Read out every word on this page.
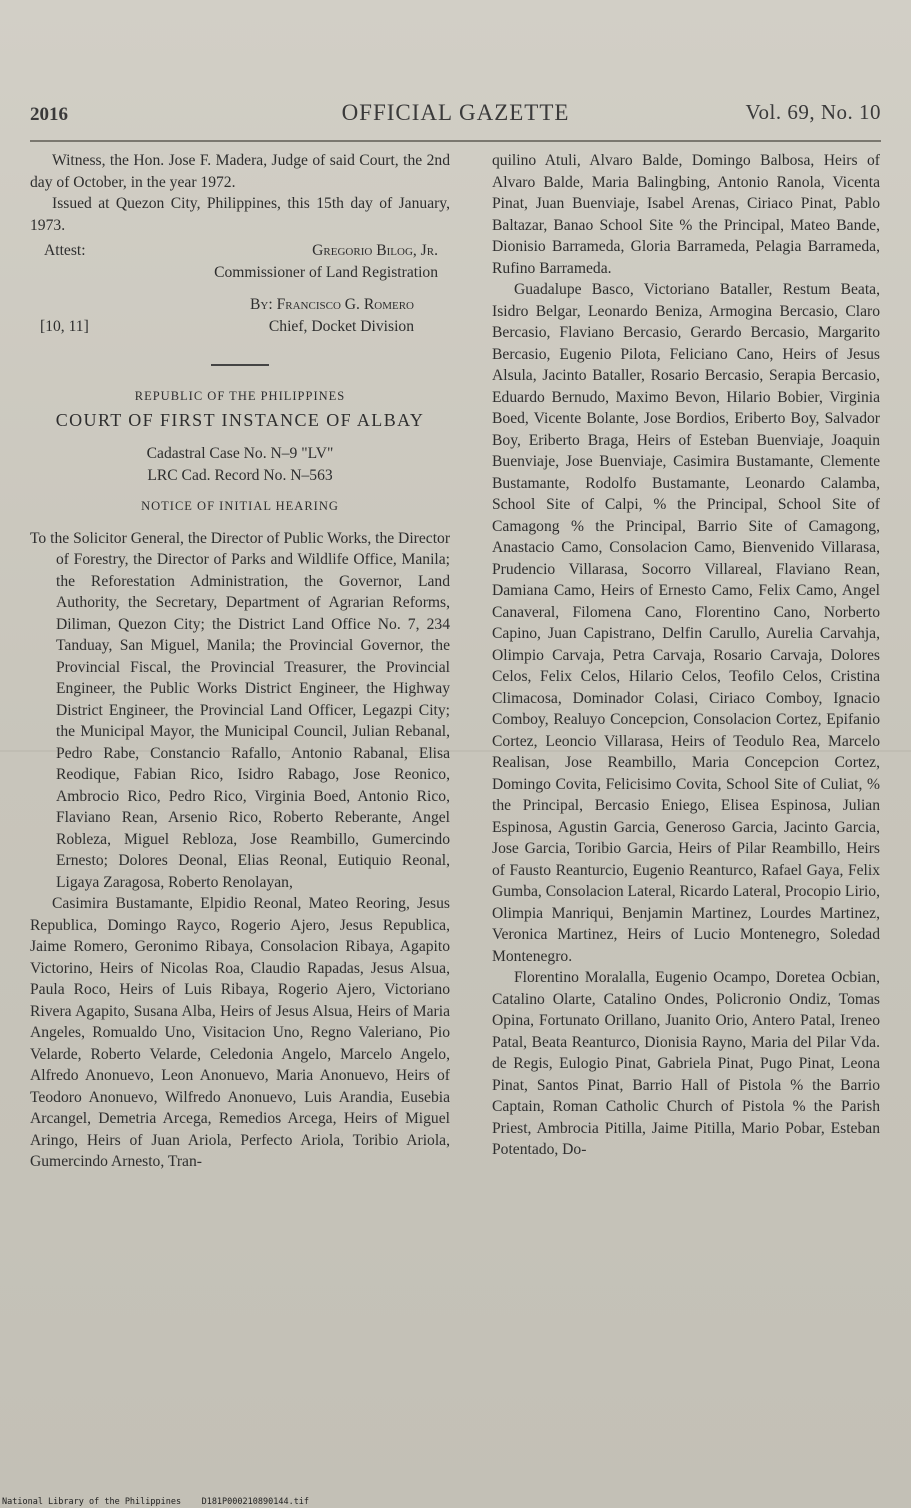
2016	OFFICIAL GAZETTE	Vol. 69, No. 10

Witness, the Hon. Jose F. Madera, Judge of said Court, the 2nd day of October, in the year 1972.

Issued at Quezon City, Philippines, this 15th day of January, 1973.

Attest:	Gregorio Bilog, Jr.
Commissioner of Land Registration
By: Francisco G. Romero
[10, 11]	Chief, Docket Division
REPUBLIC OF THE PHILIPPINES
COURT OF FIRST INSTANCE OF ALBAY
Cadastral Case No. N–9 "LV"
LRC Cad. Record No. N–563
NOTICE OF INITIAL HEARING

To the Solicitor General, the Director of Public Works, the Director of Forestry, the Director of Parks and Wildlife Office, Manila; the Reforestation Administration, the Governor, Land Authority, the Secretary, Department of Agrarian Reforms, Diliman, Quezon City; the District Land Office No. 7, 234 Tanduay, San Miguel, Manila; the Provincial Governor, the Provincial Fiscal, the Provincial Treasurer, the Provincial Engineer, the Public Works District Engineer, the Highway District Engineer, the Provincial Land Officer, Legazpi City; the Municipal Mayor, the Municipal Council, Julian Rebanal, Pedro Rabe, Constancio Rafallo, Antonio Rabanal, Elisa Reodique, Fabian Rico, Isidro Rabago, Jose Reonico, Ambrocio Rico, Pedro Rico, Virginia Boed, Antonio Rico, Flaviano Rean, Arsenio Rico, Roberto Reberante, Angel Robleza, Miguel Rebloza, Jose Reambillo, Gumercindo Ernesto; Dolores Deonal, Elias Reonal, Eutiquio Reonal, Ligaya Zaragosa, Roberto Renolayan,

Casimira Bustamante, Elpidio Reonal, Mateo Reoring, Jesus Republica, Domingo Rayco, Rogerio Ajero, Jesus Republica, Jaime Romero, Geronimo Ribaya, Consolacion Ribaya, Agapito Victorino, Heirs of Nicolas Roa, Claudio Rapadas, Jesus Alsua, Paula Roco, Heirs of Luis Ribaya, Rogerio Ajero, Victoriano Rivera Agapito, Susana Alba, Heirs of Jesus Alsua, Heirs of Maria Angeles, Romualdo Uno, Visitacion Uno, Regno Valeriano, Pio Velarde, Roberto Velarde, Celedonia Angelo, Marcelo Angelo, Alfredo Anonuevo, Leon Anonuevo, Maria Anonuevo, Heirs of Teodoro Anonuevo, Wilfredo Anonuevo, Luis Arandia, Eusebia Arcangel, Demetria Arcega, Remedios Arcega, Heirs of Miguel Aringo, Heirs of Juan Ariola, Perfecto Ariola, Toribio Ariola, Gumercindo Arnesto, Tran-

quilino Atuli, Alvaro Balde, Domingo Balbosa, Heirs of Alvaro Balde, Maria Balingbing, Antonio Ranola, Vicenta Pinat, Juan Buenviaje, Isabel Arenas, Ciriaco Pinat, Pablo Baltazar, Banao School Site % the Principal, Mateo Bande, Dionisio Barrameda, Gloria Barrameda, Pelagia Barrameda, Rufino Barrameda.

Guadalupe Basco, Victoriano Bataller, Restum Beata, Isidro Belgar, Leonardo Beniza, Armogina Bercasio, Claro Bercasio, Flaviano Bercasio, Gerardo Bercasio, Margarito Bercasio, Eugenio Pilota, Feliciano Cano, Heirs of Jesus Alsula, Jacinto Bataller, Rosario Bercasio, Serapia Bercasio, Eduardo Bernudo, Maximo Bevon, Hilario Bobier, Virginia Boed, Vicente Bolante, Jose Bordios, Eriberto Boy, Salvador Boy, Eriberto Braga, Heirs of Esteban Buenviaje, Joaquin Buenviaje, Jose Buenviaje, Casimira Bustamante, Clemente Bustamante, Rodolfo Bustamante, Leonardo Calamba, School Site of Calpi, % the Principal, School Site of Camagong % the Principal, Barrio Site of Camagong, Anastacio Camo, Consolacion Camo, Bienvenido Villarasa, Prudencio Villarasa, Socorro Villareal, Flaviano Rean, Damiana Camo, Heirs of Ernesto Camo, Felix Camo, Angel Canaveral, Filomena Cano, Florentino Cano, Norberto Capino, Juan Capistrano, Delfin Carullo, Aurelia Carvahja, Olimpio Carvaja, Petra Carvaja, Rosario Carvaja, Dolores Celos, Felix Celos, Hilario Celos, Teofilo Celos, Cristina Climacosa, Dominador Colasi, Ciriaco Comboy, Ignacio Comboy, Realuyo Concepcion, Consolacion Cortez, Epifanio Cortez, Leoncio Villarasa, Heirs of Teodulo Rea, Marcelo Realisan, Jose Reambillo, Maria Concepcion Cortez, Domingo Covita, Felicisimo Covita, School Site of Culiat, % the Principal, Bercasio Eniego, Elisea Espinosa, Julian Espinosa, Agustin Garcia, Generoso Garcia, Jacinto Garcia, Jose Garcia, Toribio Garcia, Heirs of Pilar Reambillo, Heirs of Fausto Reanturcio, Eugenio Reanturco, Rafael Gaya, Felix Gumba, Consolacion Lateral, Ricardo Lateral, Procopio Lirio, Olimpia Manriqui, Benjamin Martinez, Lourdes Martinez, Veronica Martinez, Heirs of Lucio Montenegro, Soledad Montenegro.

Florentino Moralalla, Eugenio Ocampo, Doretea Ocbian, Catalino Olarte, Catalino Ondes, Policronio Ondiz, Tomas Opina, Fortunato Orillano, Juanito Orio, Antero Patal, Ireneo Patal, Beata Reanturco, Dionisia Rayno, Maria del Pilar Vda. de Regis, Eulogio Pinat, Gabriela Pinat, Pugo Pinat, Leona Pinat, Santos Pinat, Barrio Hall of Pistola % the Barrio Captain, Roman Catholic Church of Pistola % the Parish Priest, Ambrocia Pitilla, Jaime Pitilla, Mario Pobar, Esteban Potentado, Do-

National Library of the Philippines    D181P000210890144.tif
